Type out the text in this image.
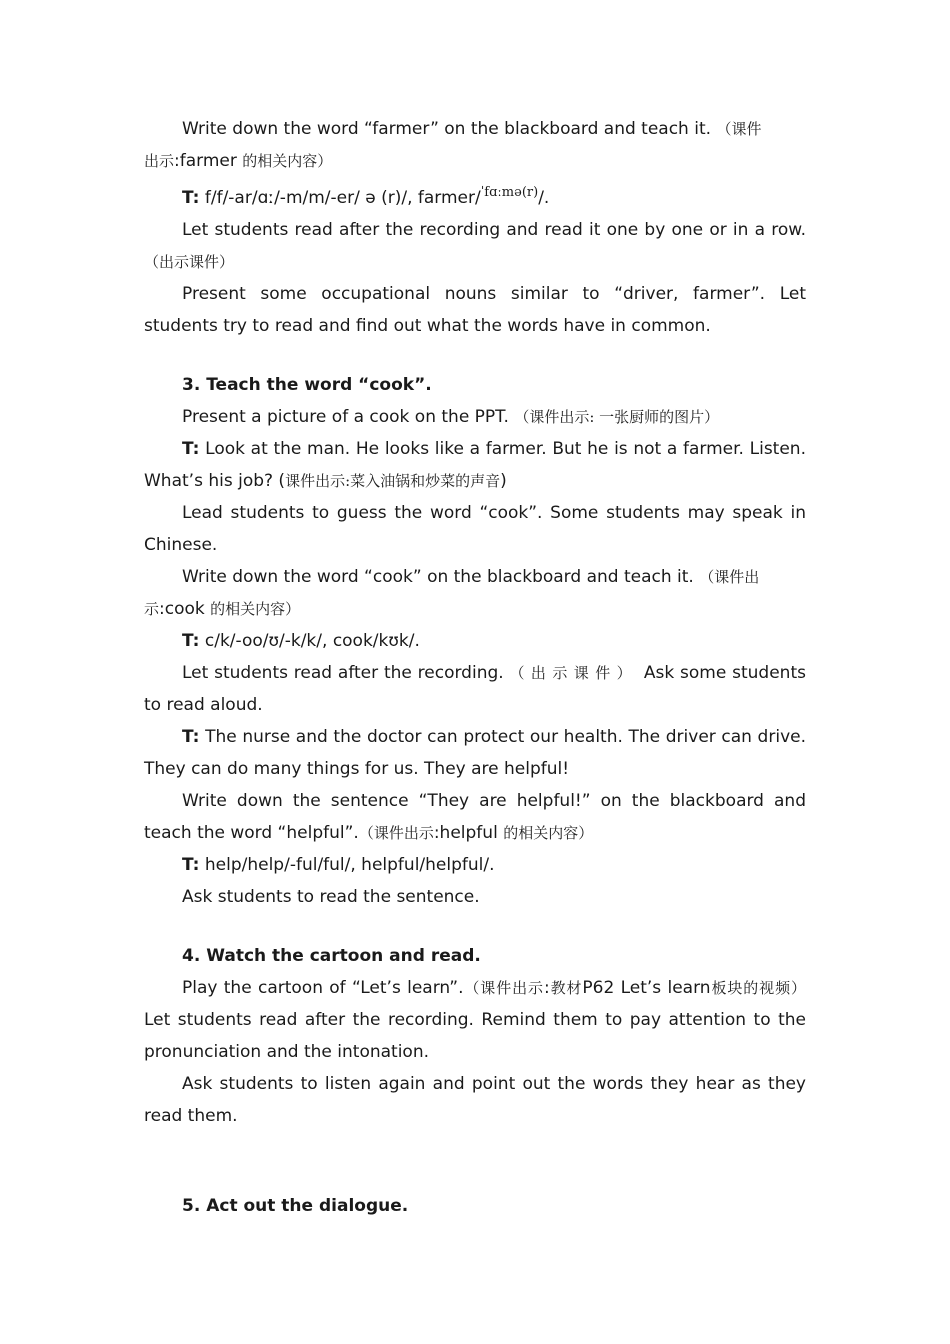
Write down the word “farmer” on the blackboard and teach it. （课件
出示:farmer 的相关内容）

T: f/f/-ar/ɑː/-m/m/-er/ ə (r)/, farmer/$^{ˈfɑːmə(r)}$/.

Let students read after the recording and read it one by one or in a row. （出示课件）

Present some occupational nouns similar to “driver, farmer”. Let students try to read and find out what the words have in common.

3. Teach the word “cook”.

Present a picture of a cook on the PPT. （课件出示: 一张厨师的图片）

T: Look at the man. He looks like a farmer. But he is not a farmer. Listen. What’s his job? (课件出示:菜入油锅和炒菜的声音)

Lead students to guess the word “cook”. Some students may speak in Chinese.

Write down the word “cook” on the blackboard and teach it. （课件出
示:cook 的相关内容）

T: c/k/-oo/ʊ/-k/k/, cook/kʊk/.

Let students read after the recording. （出示课件） Ask some students to read aloud.

T: The nurse and the doctor can protect our health. The driver can drive. They can do many things for us. They are helpful!

Write down the sentence “They are helpful!” on the blackboard and teach the word “helpful”.（课件出示:helpful 的相关内容）

T: help/help/-ful/ful/, helpful/helpful/.

Ask students to read the sentence.

4. Watch the cartoon and read.

Play the cartoon of “Let’s learn”.（课件出示:教材P62 Let’s learn板块的视频） Let students read after the recording. Remind them to pay attention to the pronunciation and the intonation.

Ask students to listen again and point out the words they hear as they read them.

5. Act out the dialogue.
